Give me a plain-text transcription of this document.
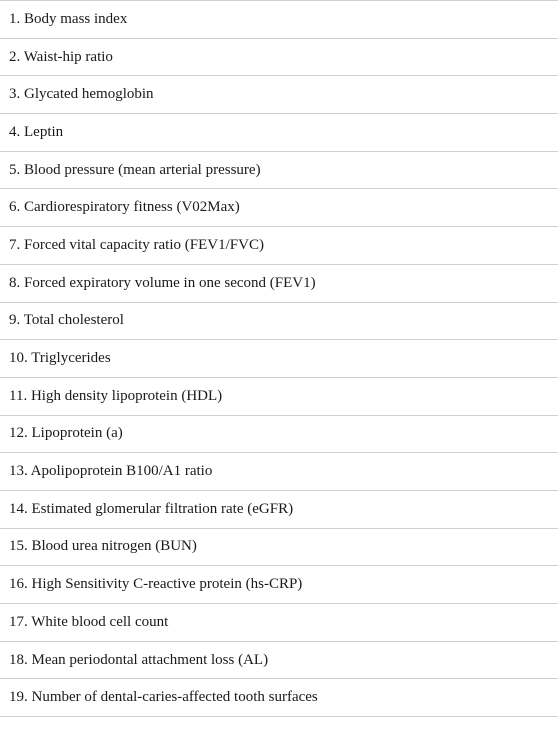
1. Body mass index
2. Waist-hip ratio
3. Glycated hemoglobin
4. Leptin
5. Blood pressure (mean arterial pressure)
6. Cardiorespiratory fitness (V02Max)
7. Forced vital capacity ratio (FEV1/FVC)
8. Forced expiratory volume in one second (FEV1)
9. Total cholesterol
10. Triglycerides
11. High density lipoprotein (HDL)
12. Lipoprotein (a)
13. Apolipoprotein B100/A1 ratio
14. Estimated glomerular filtration rate (eGFR)
15. Blood urea nitrogen (BUN)
16. High Sensitivity C-reactive protein (hs-CRP)
17. White blood cell count
18. Mean periodontal attachment loss (AL)
19. Number of dental-caries-affected tooth surfaces
